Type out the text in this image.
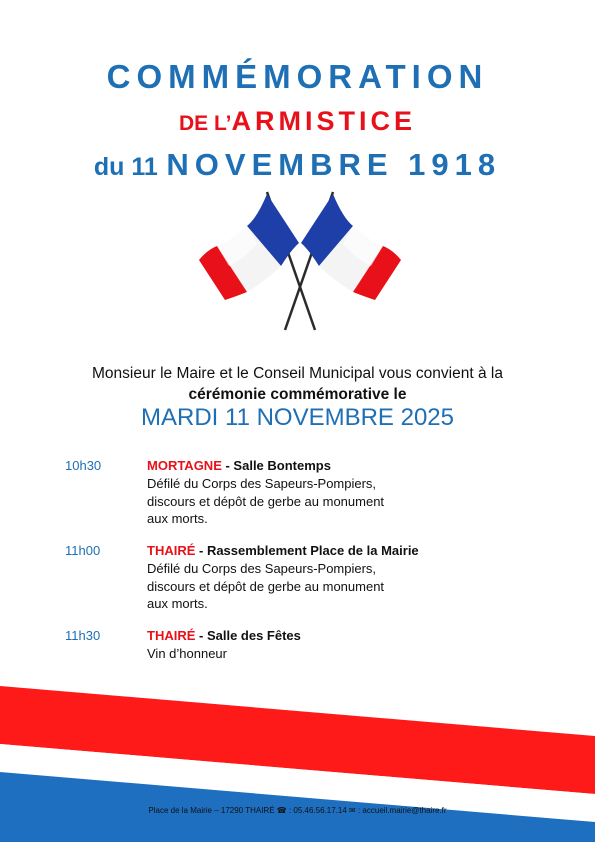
COMMÉMORATION
DE L’ARMISTICE
du 11 NOVEMBRE 1918
Monsieur le Maire et le Conseil Municipal vous convient à la
cérémonie commémorative le
MARDI 11 NOVEMBRE 2025
10h30	MORTAGNE - Salle Bontemps
Défilé du Corps des Sapeurs-Pompiers,
discours et dépôt de gerbe au monument
aux morts.
11h00	THAIRÉ - Rassemblement Place de la Mairie
Défilé du Corps des Sapeurs-Pompiers,
discours et dépôt de gerbe au monument
aux morts.
11h30	THAIRÉ - Salle des Fêtes
Vin d’honneur
Place de la Mairie – 17290 THAIRÉ ☎ : 05.46.56.17.14 ✉ : accueil.mairie@thaire.fr
